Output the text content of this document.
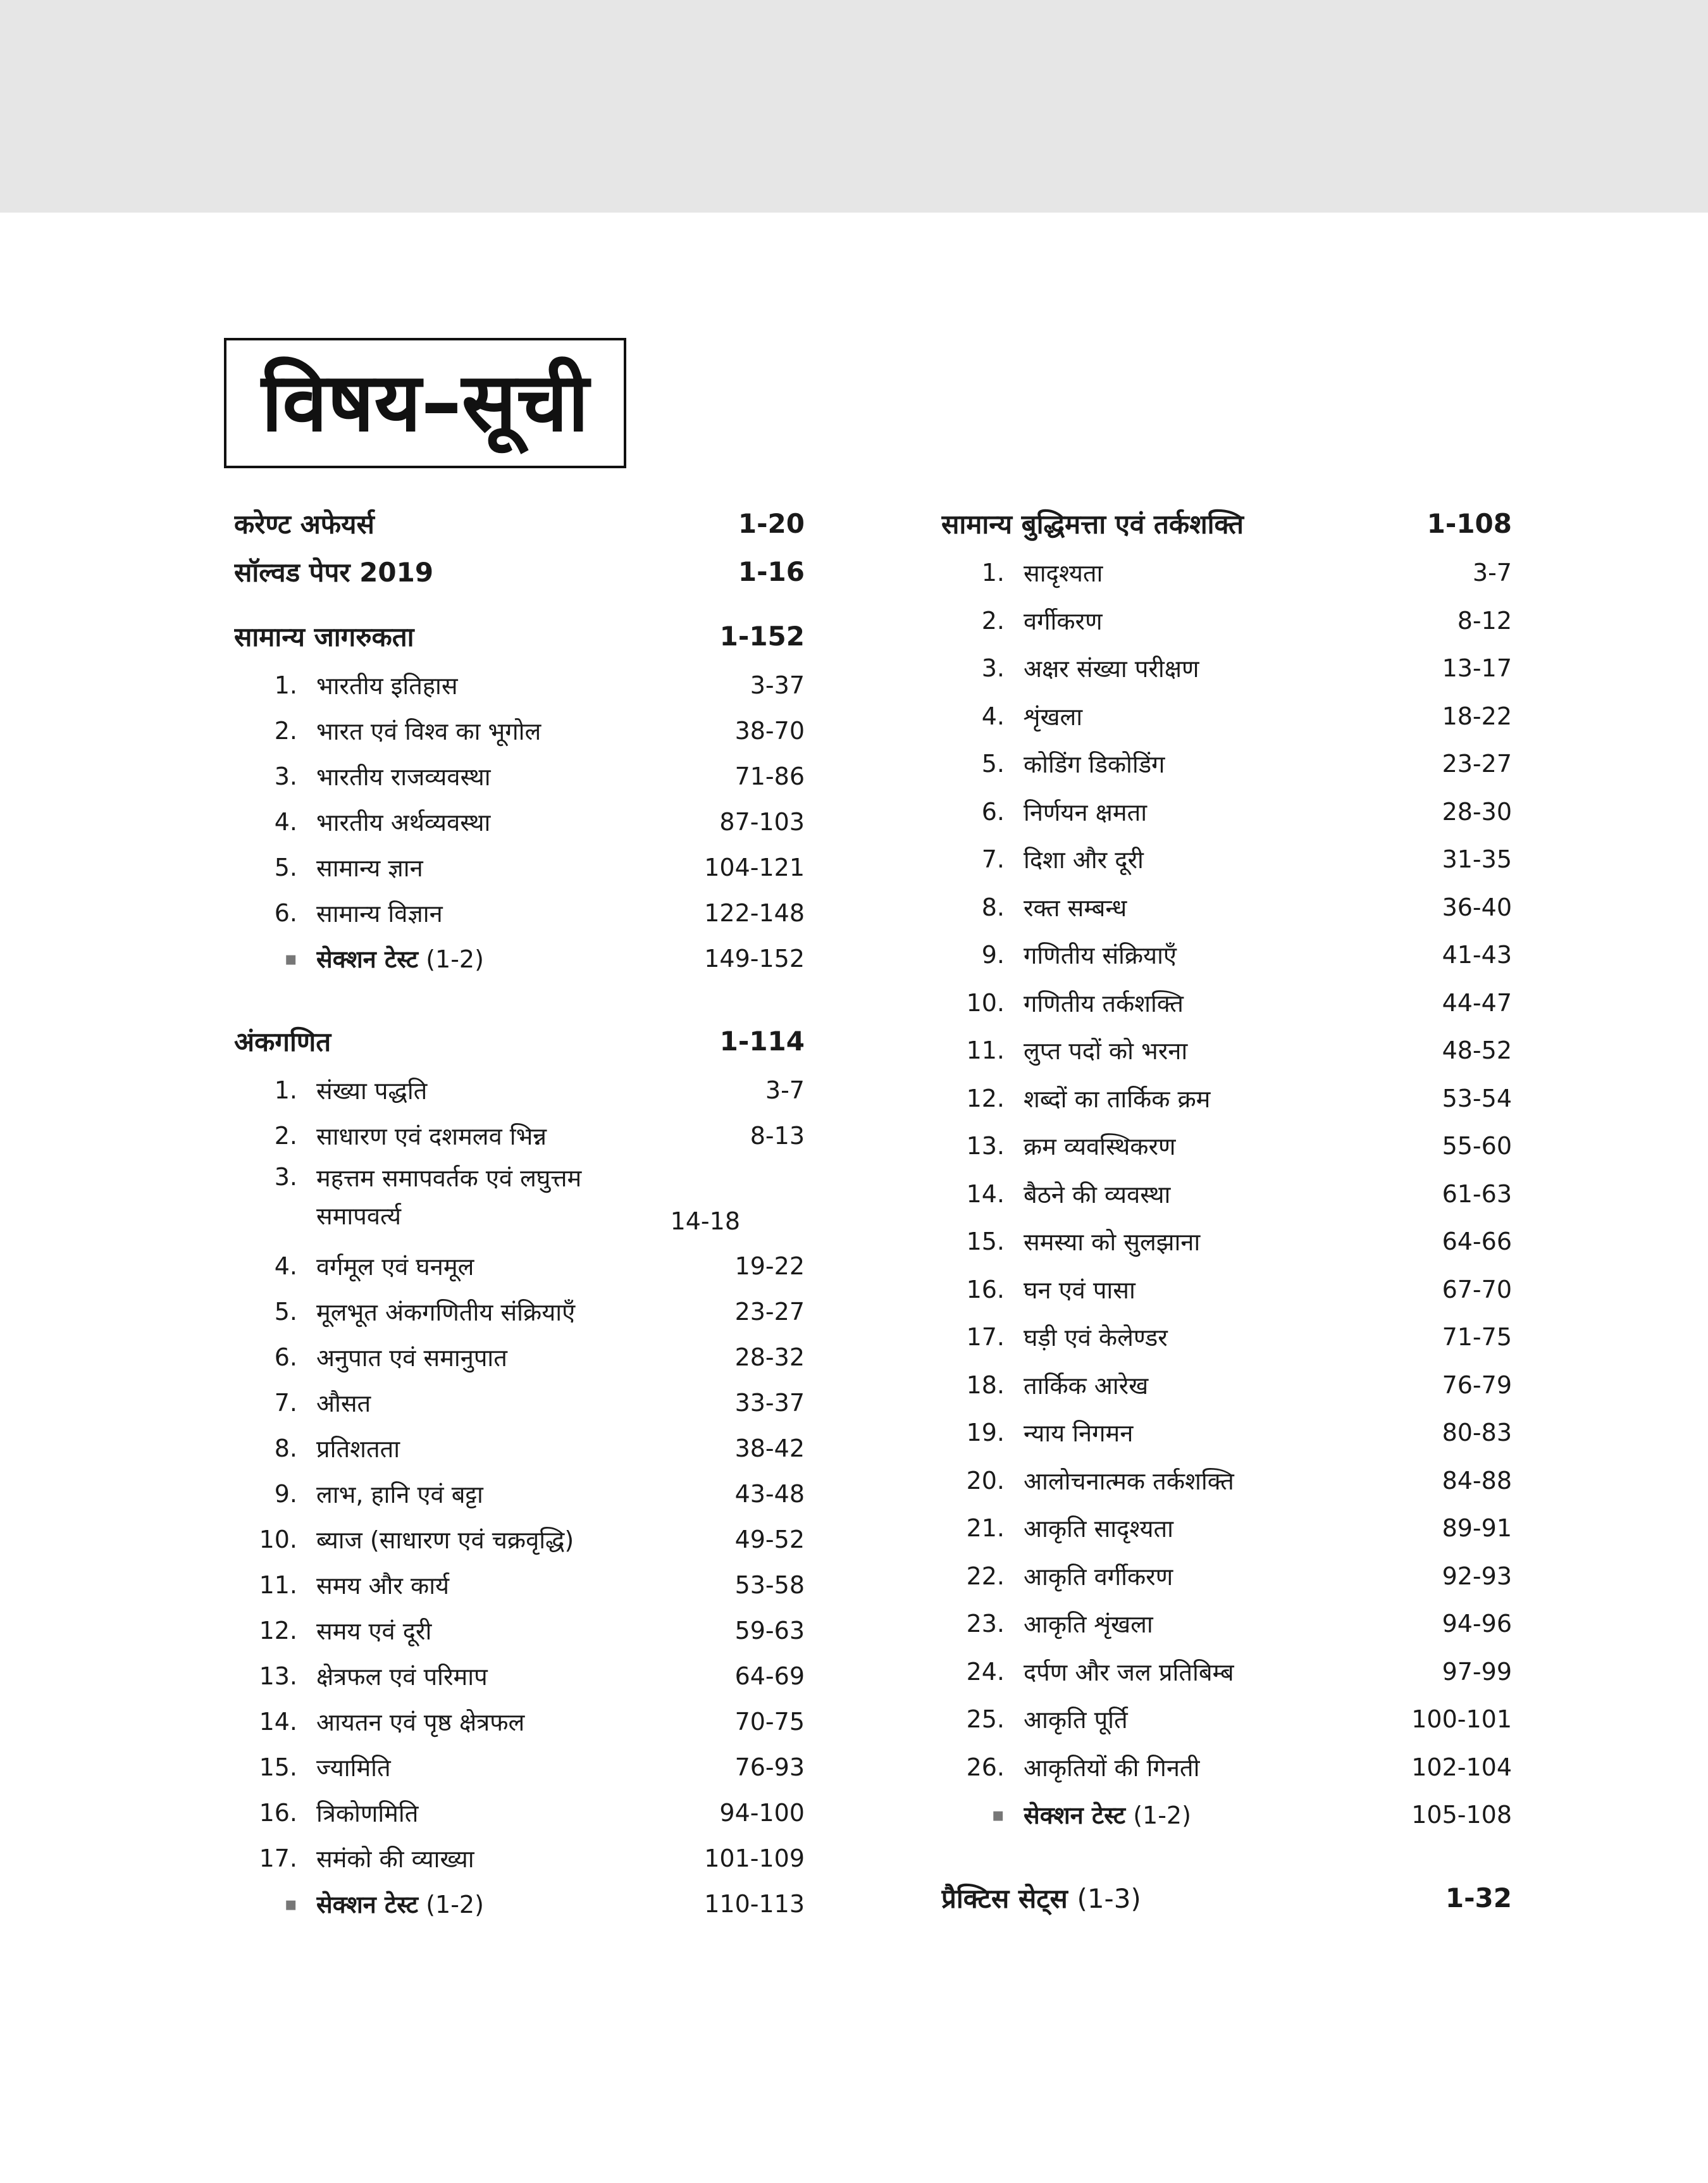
विषय–सूची
करेण्ट अफेयर्स	1-20
सॉल्वड पेपर 2019	1-16
सामान्य जागरुकता	1-152
1. भारतीय इतिहास	3-37
2. भारत एवं विश्व का भूगोल	38-70
3. भारतीय राजव्यवस्था	71-86
4. भारतीय अर्थव्यवस्था	87-103
5. सामान्य ज्ञान	104-121
6. सामान्य विज्ञान	122-148
▪ सेक्शन टेस्ट (1-2)	149-152
अंकगणित	1-114
1. संख्या पद्धति	3-7
2. साधारण एवं दशमलव भिन्न	8-13
3. महत्तम समापवर्तक एवं लघुत्तम समापवर्त्य	14-18
4. वर्गमूल एवं घनमूल	19-22
5. मूलभूत अंकगणितीय संक्रियाएँ	23-27
6. अनुपात एवं समानुपात	28-32
7. औसत	33-37
8. प्रतिशतता	38-42
9. लाभ, हानि एवं बट्टा	43-48
10. ब्याज (साधारण एवं चक्रवृद्धि)	49-52
11. समय और कार्य	53-58
12. समय एवं दूरी	59-63
13. क्षेत्रफल एवं परिमाप	64-69
14. आयतन एवं पृष्ठ क्षेत्रफल	70-75
15. ज्यामिति	76-93
16. त्रिकोणमिति	94-100
17. समंको की व्याख्या	101-109
▪ सेक्शन टेस्ट (1-2)	110-113
सामान्य बुद्धिमत्ता एवं तर्कशक्ति	1-108
1. सादृश्यता	3-7
2. वर्गीकरण	8-12
3. अक्षर संख्या परीक्षण	13-17
4. शृंखला	18-22
5. कोडिंग डिकोडिंग	23-27
6. निर्णयन क्षमता	28-30
7. दिशा और दूरी	31-35
8. रक्त सम्बन्ध	36-40
9. गणितीय संक्रियाएँ	41-43
10. गणितीय तर्कशक्ति	44-47
11. लुप्त पदों को भरना	48-52
12. शब्दों का तार्किक क्रम	53-54
13. क्रम व्यवस्थिकरण	55-60
14. बैठने की व्यवस्था	61-63
15. समस्या को सुलझाना	64-66
16. घन एवं पासा	67-70
17. घड़ी एवं केलेण्डर	71-75
18. तार्किक आरेख	76-79
19. न्याय निगमन	80-83
20. आलोचनात्मक तर्कशक्ति	84-88
21. आकृति सादृश्यता	89-91
22. आकृति वर्गीकरण	92-93
23. आकृति शृंखला	94-96
24. दर्पण और जल प्रतिबिम्ब	97-99
25. आकृति पूर्ति	100-101
26. आकृतियों की गिनती	102-104
▪ सेक्शन टेस्ट (1-2)	105-108
प्रैक्टिस सेट्स (1-3)	1-32
